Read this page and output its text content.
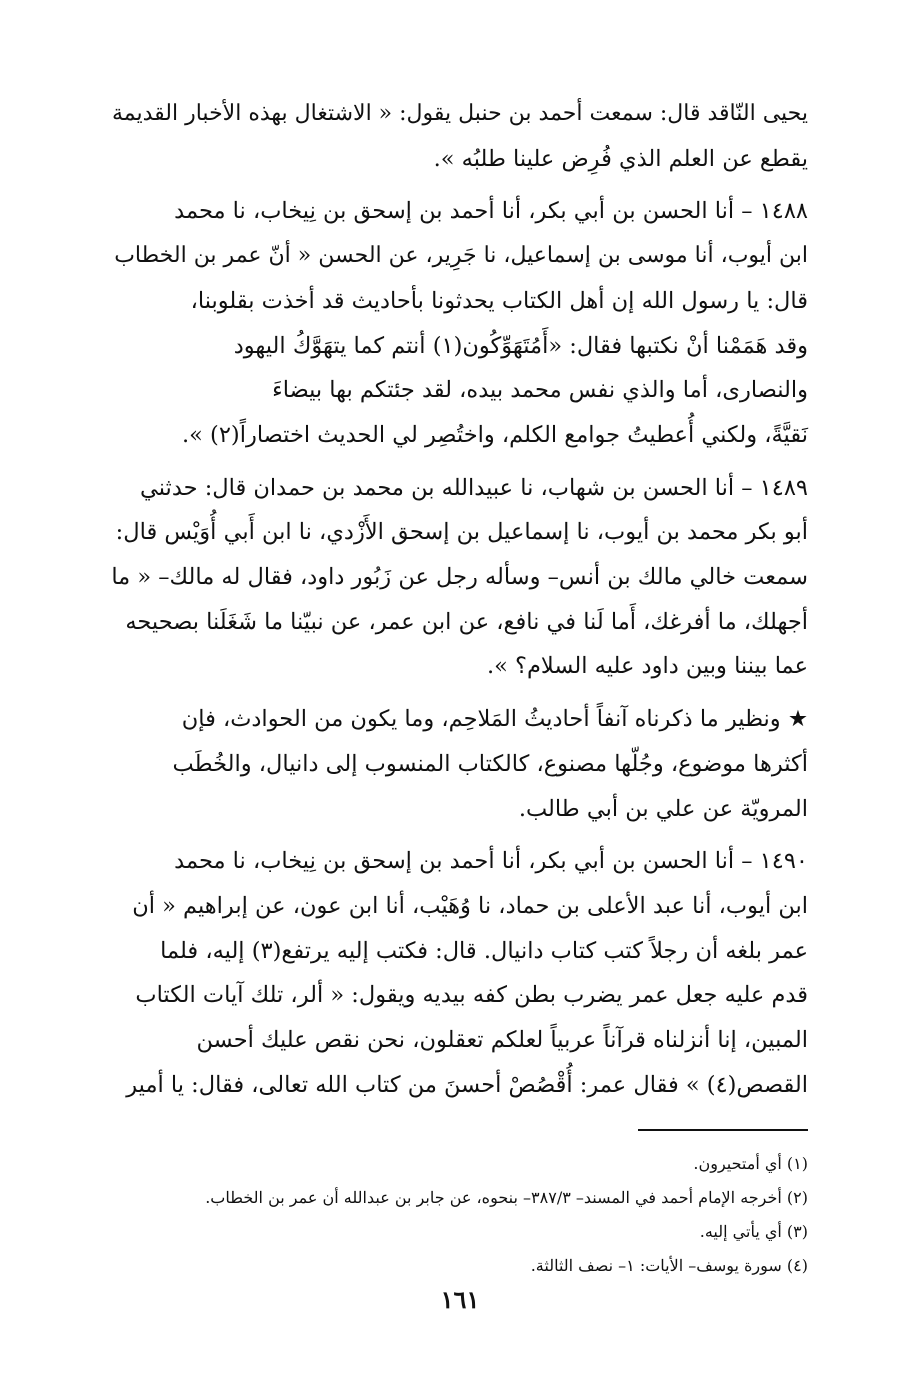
يحيى النّاقد قال: سمعت أحمد بن حنبل يقول: « الاشتغال بهذه الأخبار القديمة
يقطع عن العلم الذي فُرِض علينا طلبُه ».

١٤٨٨ – أنا الحسن بن أبي بكر، أنا أحمد بن إسحق بن نِيخاب، نا محمد
ابن أيوب، أنا موسى بن إسماعيل، نا جَرِير، عن الحسن « أنّ عمر بن الخطاب
قال: يا رسول الله إن أهل الكتاب يحدثونا بأحاديث قد أخذت بقلوبنا،
وقد هَمَمْنا أنْ نكتبها فقال: «أَمُتَهَوِّكُون(١) أنتم كما يتهَوَّكُ اليهود
والنصارى، أما والذي نفس محمد بيده، لقد جئتكم بها بيضاءَ
نَقيَّةً، ولكني أُعطيتُ جوامع الكلم، واختُصِر لي الحديث اختصاراً(٢) ».

١٤٨٩ – أنا الحسن بن شهاب، نا عبيدالله بن محمد بن حمدان قال: حدثني
أبو بكر محمد بن أيوب، نا إسماعيل بن إسحق الأَزْدي، نا ابن أَبي أُوَيْس قال:
سمعت خالي مالك بن أنس– وسأله رجل عن زَبُور داود، فقال له مالك– « ما
أجهلك، ما أفرغك، أَما لَنا في نافع، عن ابن عمر، عن نبيّنا ما شَغَلَنا بصحيحه
عما بيننا وبين داود عليه السلام؟ ».

★ ونظير ما ذكرناه آنفاً أحاديثُ المَلاحِم، وما يكون من الحوادث، فإن
أكثرها موضوع، وجُلّها مصنوع، كالكتاب المنسوب إلى دانيال، والخُطَب
المرويّة عن علي بن أبي طالب.

١٤٩٠ – أنا الحسن بن أبي بكر، أنا أحمد بن إسحق بن نِيخاب، نا محمد
ابن أيوب، أنا عبد الأعلى بن حماد، نا وُهَيْب، أنا ابن عون، عن إبراهيم « أن
عمر بلغه أن رجلاً كتب كتاب دانيال. قال: فكتب إليه يرتفع(٣) إليه، فلما
قدم عليه جعل عمر يضرب بطن كفه بيديه ويقول: « ألر، تلك آيات الكتاب
المبين، إنا أنزلناه قرآناً عربياً لعلكم تعقلون، نحن نقص عليك أحسن
القصص(٤) » فقال عمر: أُقْصُصْ أحسنَ من كتاب الله تعالى، فقال: يا أمير

(١) أي أمتحيرون.

(٢) أخرجه الإمام أحمد في المسند– ٣٨٧/٣– بنحوه، عن جابر بن عبدالله أن عمر بن الخطاب.

(٣) أي يأتي إليه.

(٤) سورة يوسف– الأيات: ١– نصف الثالثة.

١٦١
